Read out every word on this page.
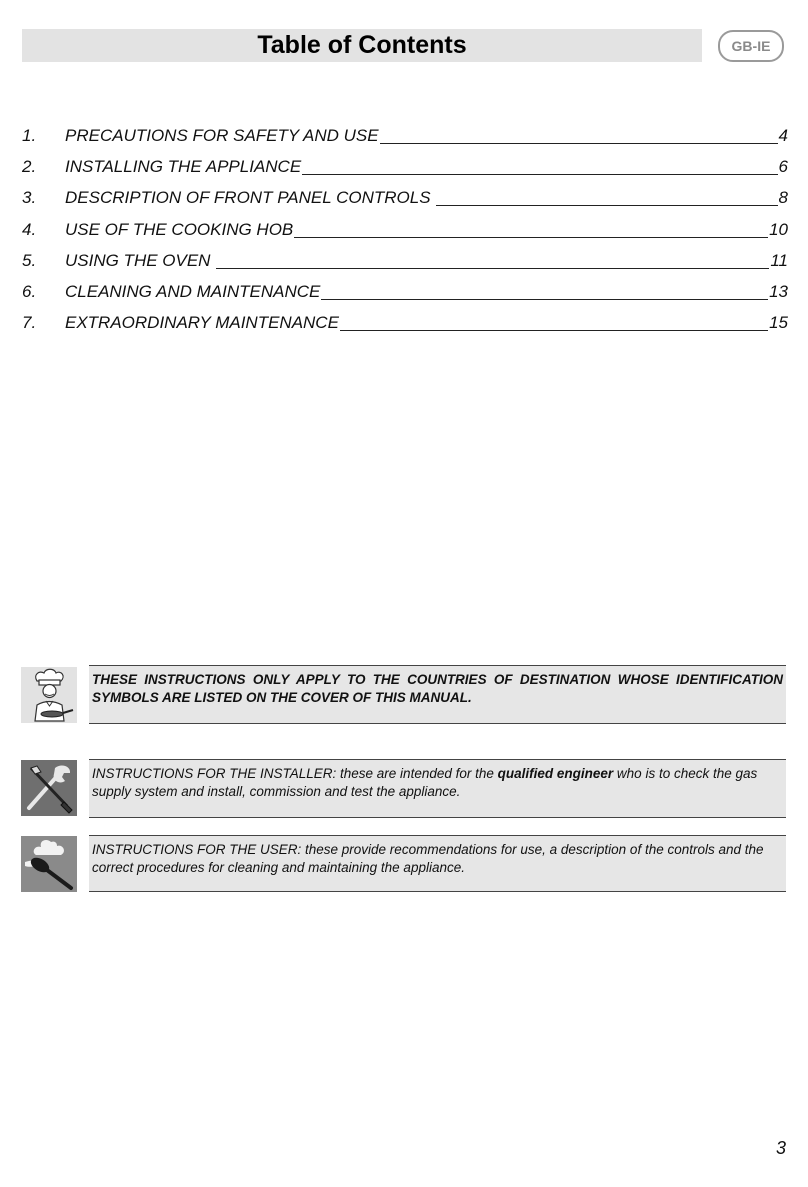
Table of Contents	GB-IE
1.	PRECAUTIONS FOR SAFETY AND USE	4
2.	INSTALLING THE APPLIANCE	6
3.	DESCRIPTION OF FRONT PANEL CONTROLS	8
4.	USE OF THE COOKING HOB	10
5.	USING THE OVEN	11
6.	CLEANING AND MAINTENANCE	13
7.	EXTRAORDINARY MAINTENANCE	15
THESE INSTRUCTIONS ONLY APPLY TO THE COUNTRIES OF DESTINATION WHOSE IDENTIFICATION SYMBOLS ARE LISTED ON THE COVER OF THIS MANUAL.
INSTRUCTIONS FOR THE INSTALLER: these are intended for the qualified engineer who is to check the gas supply system and install, commission and test the appliance.
INSTRUCTIONS FOR THE USER: these provide recommendations for use, a description of the controls and the correct procedures for cleaning and maintaining the appliance.
3
